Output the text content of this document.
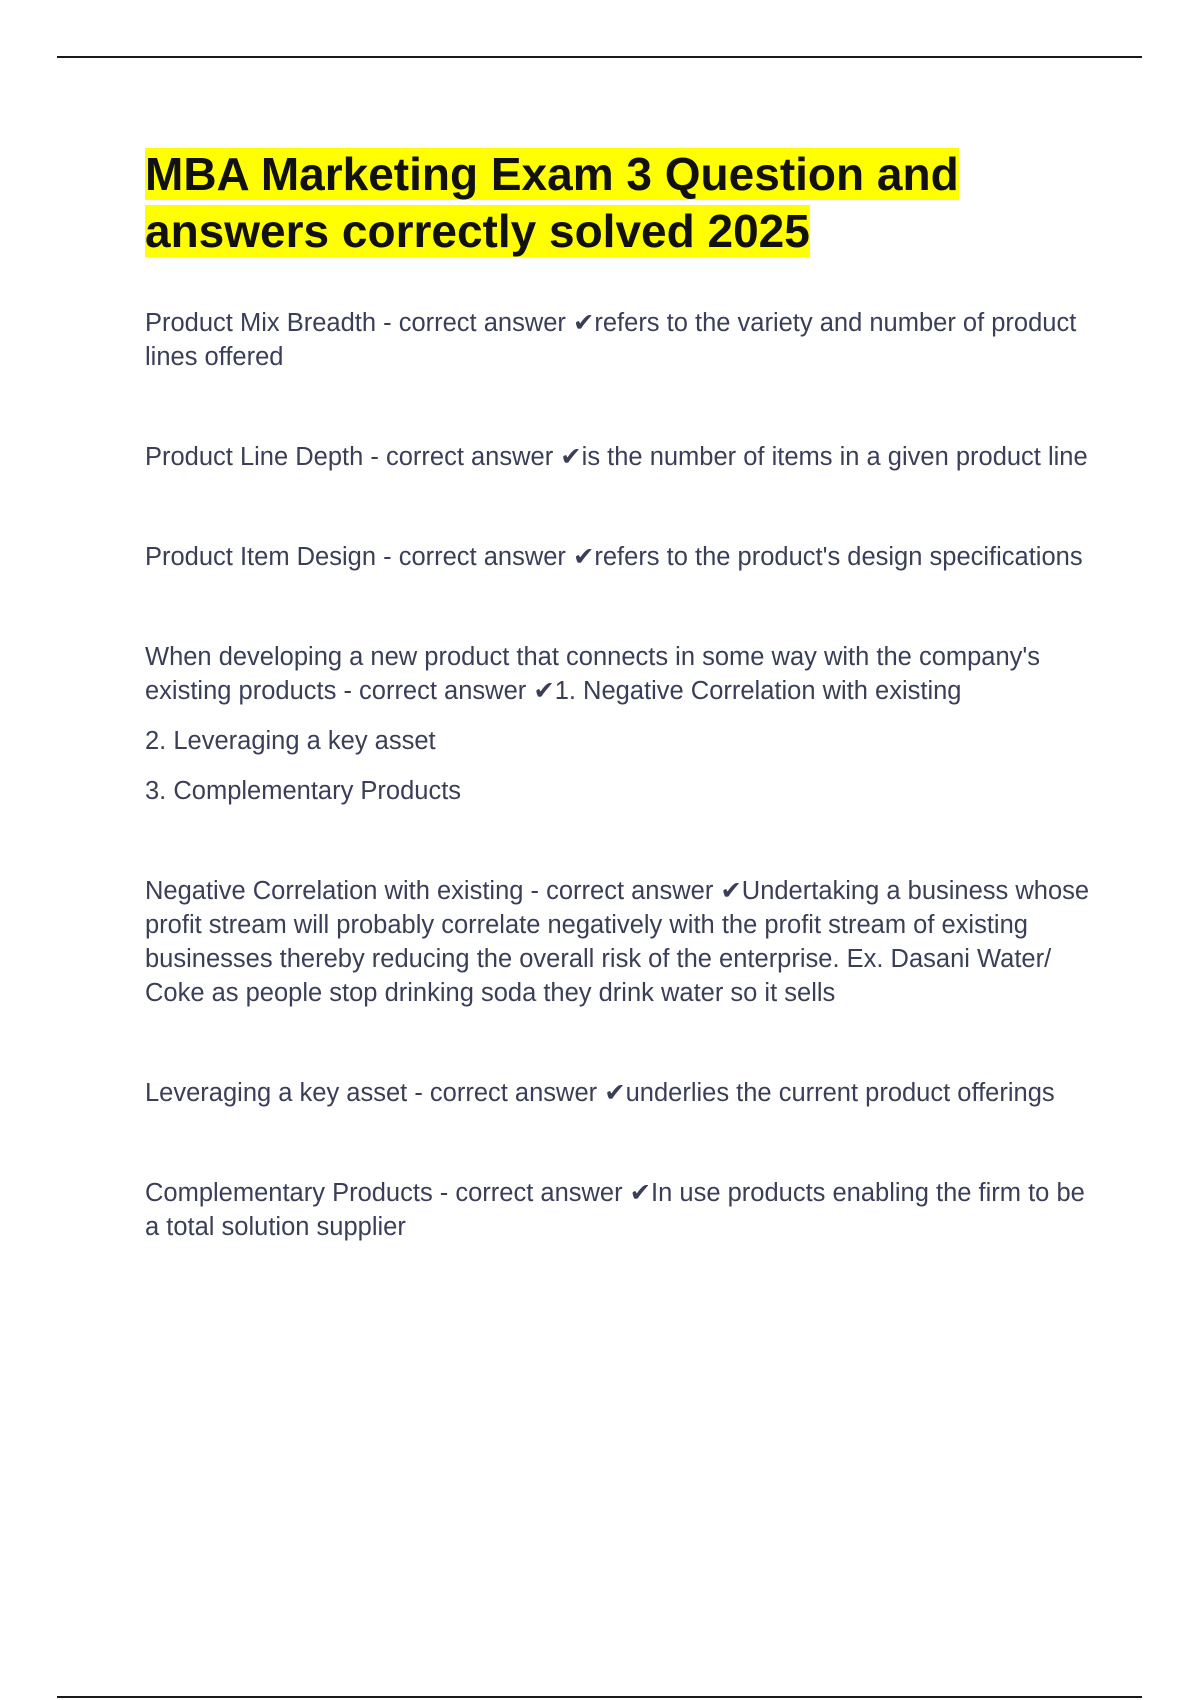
MBA Marketing Exam 3 Question and answers correctly solved 2025

Product Mix Breadth - correct answer ✔refers to the variety and number of product lines offered

Product Line Depth - correct answer ✔is the number of items in a given product line

Product Item Design - correct answer ✔refers to the product's design specifications

When developing a new product that connects in some way with the company's existing products - correct answer ✔1. Negative Correlation with existing

2. Leveraging a key asset

3. Complementary Products

Negative Correlation with existing - correct answer ✔Undertaking a business whose profit stream will probably correlate negatively with the profit stream of existing businesses thereby reducing the overall risk of the enterprise. Ex. Dasani Water/ Coke as people stop drinking soda they drink water so it sells

Leveraging a key asset - correct answer ✔underlies the current product offerings

Complementary Products - correct answer ✔In use products enabling the firm to be a total solution supplier
